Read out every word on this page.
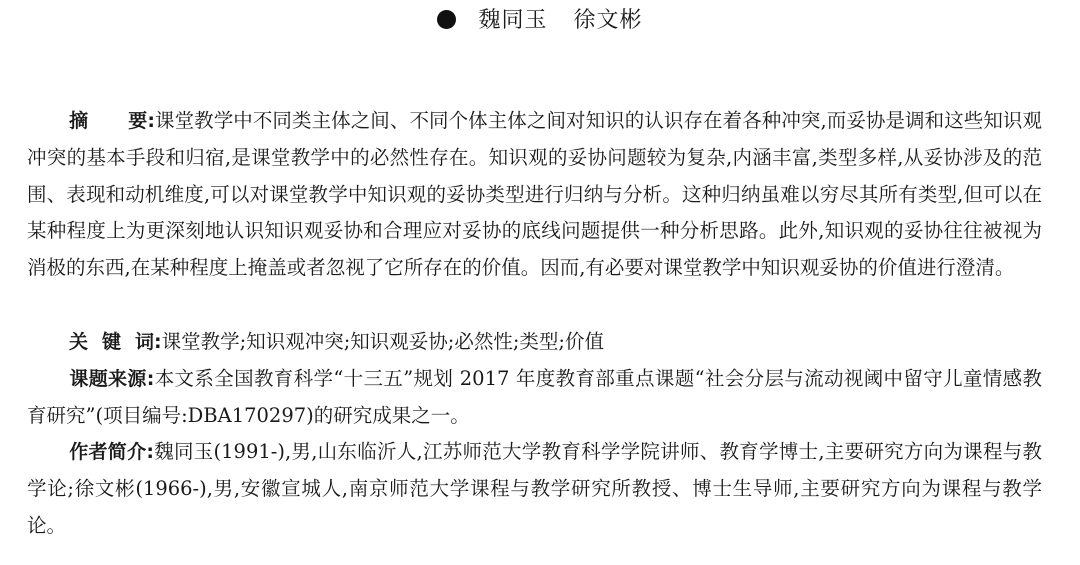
魏同玉 徐文彬
摘 要:课堂教学中不同类主体之间、不同个体主体之间对知识的认识存在着各种冲突,而妥协是调和这些知识观冲突的基本手段和归宿,是课堂教学中的必然性存在。知识观的妥协问题较为复杂,内涵丰富,类型多样,从妥协涉及的范围、表现和动机维度,可以对课堂教学中知识观的妥协类型进行归纳与分析。这种归纳虽难以穷尽其所有类型,但可以在某种程度上为更深刻地认识知识观妥协和合理应对妥协的底线问题提供一种分析思路。此外,知识观的妥协往往被视为消极的东西,在某种程度上掩盖或者忽视了它所存在的价值。因而,有必要对课堂教学中知识观妥协的价值进行澄清。
关 键 词:课堂教学;知识观冲突;知识观妥协;必然性;类型;价值
课题来源:本文系全国教育科学“十三五”规划 2017 年度教育部重点课题“社会分层与流动视阈中留守儿童情感教育研究”(项目编号:DBA170297)的研究成果之一。
作者简介:魏同玉(1991-),男,山东临沂人,江苏师范大学教育科学学院讲师、教育学博士,主要研究方向为课程与教学论;徐文彬(1966-),男,安徽宣城人,南京师范大学课程与教学研究所教授、博士生导师,主要研究方向为课程与教学论。
